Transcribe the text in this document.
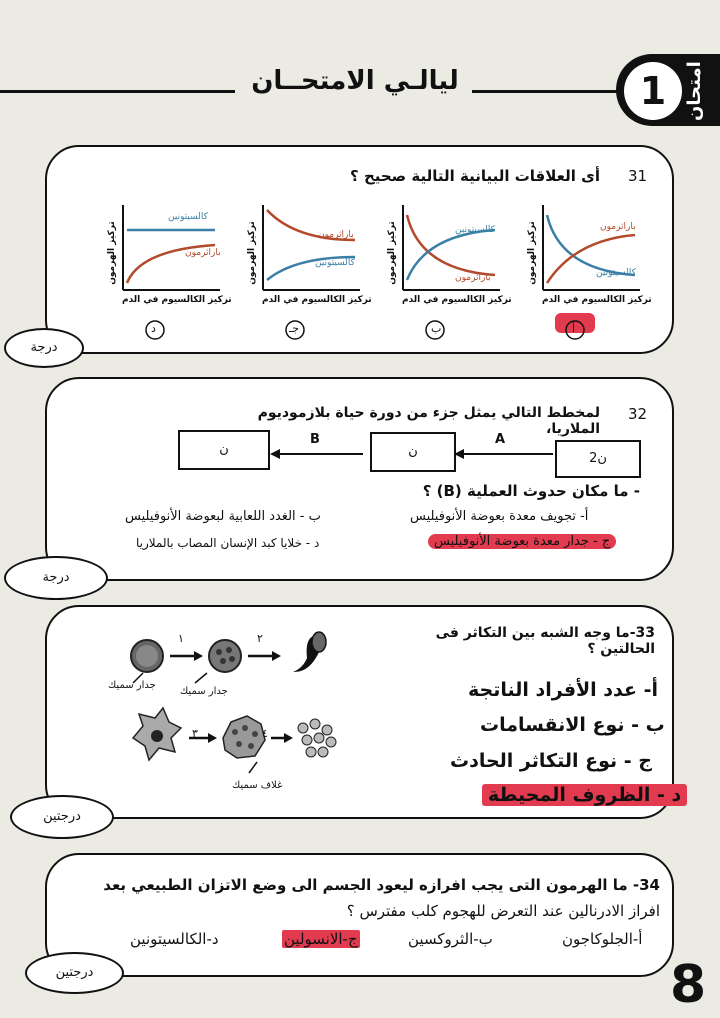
ليالـي الامتحــان	1 امتحان
31
أى العلاقات البيانية التالية صحيح ؟
كالسيتونين
باراثرمون
تركيز الكالسيوم في الدم
تركيز الهرمون
د
باراثرمون
كالسيتونين
تركيز الكالسيوم في الدم
تركيز الهرمون
جـ
كالسيتونين
باراثرمون
تركيز الكالسيوم في الدم
تركيز الهرمون
ب
باراثرمون
كالسيتونين
تركيز الكالسيوم في الدم
تركيز الهرمون
أ
درجة
32
لمخطط التالي يمثل جزء من دورة حياة بلازموديوم الملاريا،
ن	ن	2ن
B	A
- ما مكان حدوث العملية (B) ؟
ب - الغدد اللعابية لبعوضة الأنوفيليس	أ- تجويف معدة بعوضة الأنوفيليس
د - خلايا كبد الإنسان المصاب بالملاريا	ج - جدار معدة بعوضة الأنوفيليس
درجة
33-ما وجه الشبه بين التكاثر فى الحالتين ؟
١	٢
٣	٤
جدار سميك
جدار سميك
غلاف سميك
أ- عدد الأفراد الناتجة
ب - نوع الانقسامات
ج - نوع التكاثر الحادث
د - الظروف المحيطة
درجتين
34- ما الهرمون التى يجب افرازه ليعود الجسم الى وضع الاتزان الطبيعي بعد
افراز الادرنالين عند التعرض للهجوم كلب مفترس ؟
أ-الجلوكاجون
ب-الثروكسين
ج-الانسولين
د-الكالسيتونين
درجتين	8
